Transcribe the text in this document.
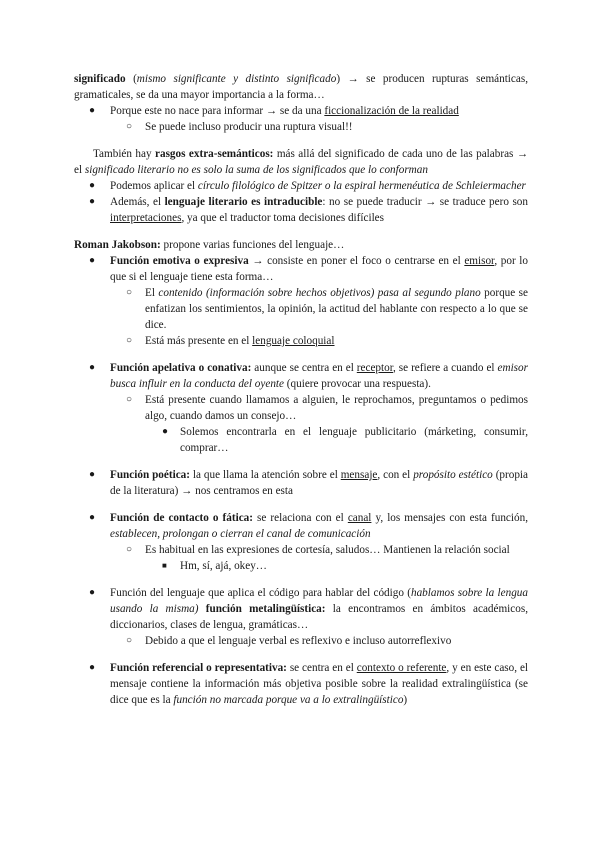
significado (mismo significante y distinto significado) → se producen rupturas semánticas, gramaticales, se da una mayor importancia a la forma…

● Porque este no nace para informar → se da una ficcionalización de la realidad
○ Se puede incluso producir una ruptura visual!!

También hay rasgos extra-semánticos: más allá del significado de cada uno de las palabras → el significado literario no es solo la suma de los significados que lo conforman

● Podemos aplicar el círculo filológico de Spitzer o la espiral hermenéutica de Schleiermacher
● Además, el lenguaje literario es intraducible: no se puede traducir → se traduce pero son interpretaciones, ya que el traductor toma decisiones difíciles

Roman Jakobson: propone varias funciones del lenguaje…

● Función emotiva o expresiva → consiste en poner el foco o centrarse en el emisor, por lo que si el lenguaje tiene esta forma…
○ El contenido (información sobre hechos objetivos) pasa al segundo plano porque se enfatizan los sentimientos, la opinión, la actitud del hablante con respecto a lo que se dice.
○ Está más presente en el lenguaje coloquial
● Función apelativa o conativa: aunque se centra en el receptor, se refiere a cuando el emisor busca influir en la conducta del oyente (quiere provocar una respuesta).
○ Está presente cuando llamamos a alguien, le reprochamos, preguntamos o pedimos algo, cuando damos un consejo…
● Solemos encontrarla en el lenguaje publicitario (márketing, consumir, comprar…
● Función poética: la que llama la atención sobre el mensaje, con el propósito estético (propia de la literatura) → nos centramos en esta
● Función de contacto o fática: se relaciona con el canal y, los mensajes con esta función, establecen, prolongan o cierran el canal de comunicación
○ Es habitual en las expresiones de cortesía, saludos… Mantienen la relación social
■ Hm, sí, ajá, okey…
● Función del lenguaje que aplica el código para hablar del código (hablamos sobre la lengua usando la misma) función metalingüística: la encontramos en ámbitos académicos, diccionarios, clases de lengua, gramáticas…
○ Debido a que el lenguaje verbal es reflexivo e incluso autorreflexivo
● Función referencial o representativa: se centra en el contexto o referente, y en este caso, el mensaje contiene la información más objetiva posible sobre la realidad extralingüística (se dice que es la función no marcada porque va a lo extralingüístico)
